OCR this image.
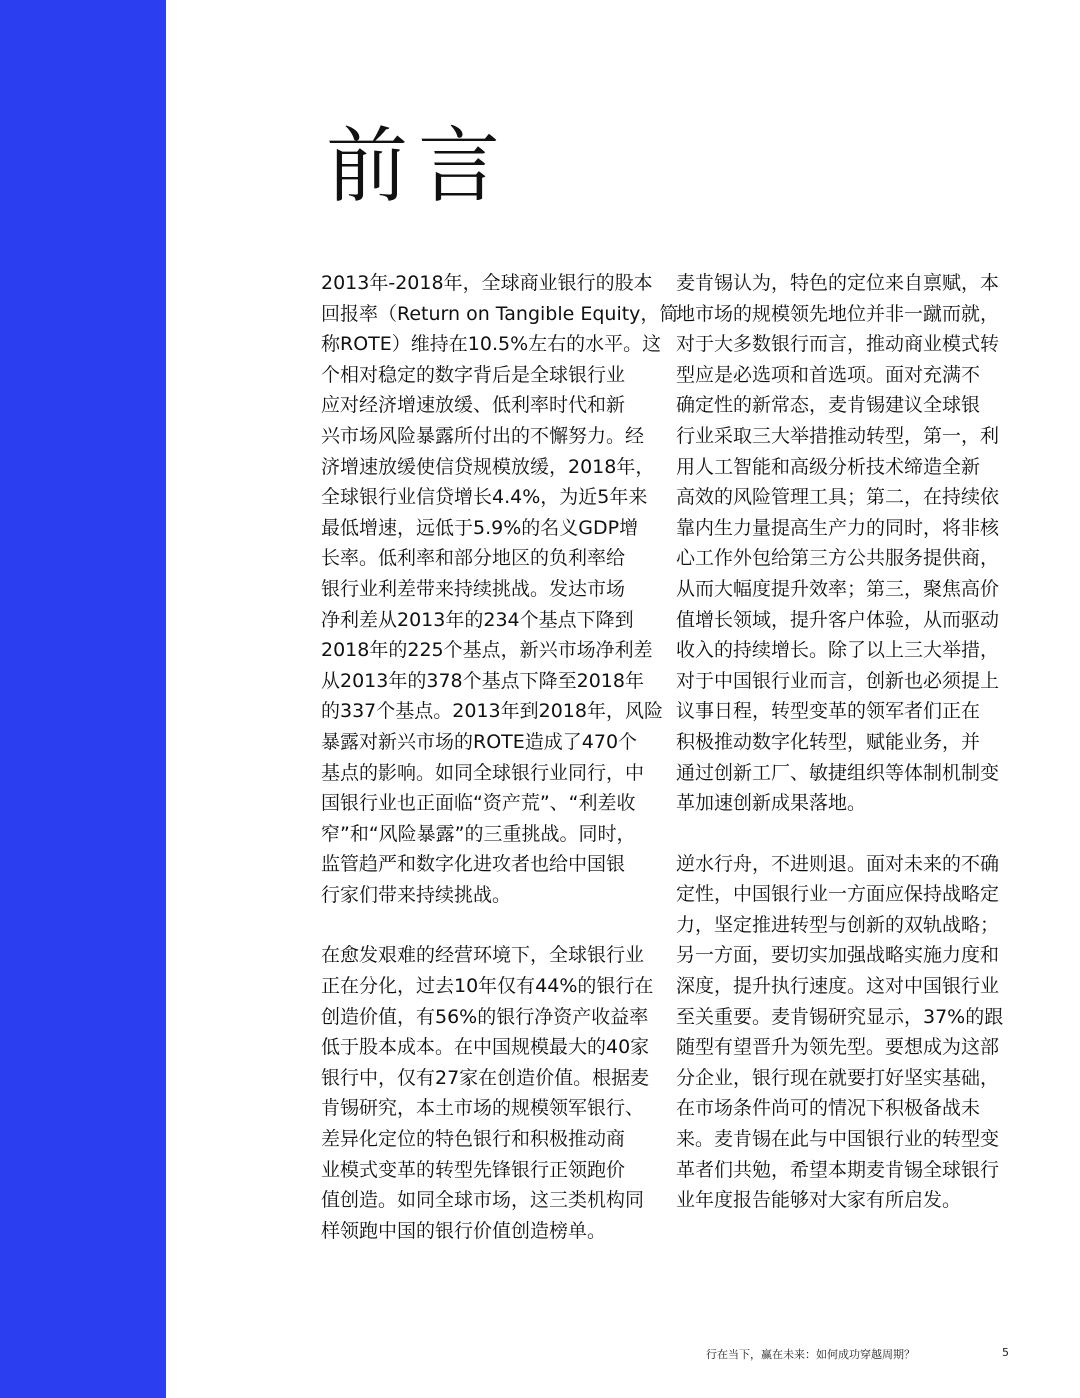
前言

2013年-2018年，全球商业银行的股本

回报率（Return on Tangible Equity，简

称ROTE）维持在10.5%左右的水平。这

个相对稳定的数字背后是全球银行业

应对经济增速放缓、低利率时代和新

兴市场风险暴露所付出的不懈努力。经

济增速放缓使信贷规模放缓，2018年，

全球银行业信贷增长4.4%，为近5年来

最低增速，远低于5.9%的名义GDP增

长率。低利率和部分地区的负利率给

银行业利差带来持续挑战。发达市场

净利差从2013年的234个基点下降到

2018年的225个基点，新兴市场净利差

从2013年的378个基点下降至2018年

的337个基点。2013年到2018年，风险

暴露对新兴市场的ROTE造成了470个

基点的影响。如同全球银行业同行，中

国银行业也正面临“资产荒”、“利差收

窄”和“风险暴露”的三重挑战。同时，

监管趋严和数字化进攻者也给中国银

行家们带来持续挑战。

在愈发艰难的经营环境下，全球银行业

正在分化，过去10年仅有44%的银行在

创造价值，有56%的银行净资产收益率

低于股本成本。在中国规模最大的40家

银行中，仅有27家在创造价值。根据麦

肯锡研究，本土市场的规模领军银行、

差异化定位的特色银行和积极推动商

业模式变革的转型先锋银行正领跑价

值创造。如同全球市场，这三类机构同

样领跑中国的银行价值创造榜单。

麦肯锡认为，特色的定位来自禀赋，本

地市场的规模领先地位并非一蹴而就，

对于大多数银行而言，推动商业模式转

型应是必选项和首选项。面对充满不

确定性的新常态，麦肯锡建议全球银

行业采取三大举措推动转型，第一，利

用人工智能和高级分析技术缔造全新

高效的风险管理工具；第二，在持续依

靠内生力量提高生产力的同时，将非核

心工作外包给第三方公共服务提供商，

从而大幅度提升效率；第三，聚焦高价

值增长领域，提升客户体验，从而驱动

收入的持续增长。除了以上三大举措，

对于中国银行业而言，创新也必须提上

议事日程，转型变革的领军者们正在

积极推动数字化转型，赋能业务，并

通过创新工厂、敏捷组织等体制机制变

革加速创新成果落地。

逆水行舟，不进则退。面对未来的不确

定性，中国银行业一方面应保持战略定

力，坚定推进转型与创新的双轨战略；

另一方面，要切实加强战略实施力度和

深度，提升执行速度。这对中国银行业

至关重要。麦肯锡研究显示，37%的跟

随型有望晋升为领先型。要想成为这部

分企业，银行现在就要打好坚实基础，

在市场条件尚可的情况下积极备战未

来。麦肯锡在此与中国银行业的转型变

革者们共勉，希望本期麦肯锡全球银行

业年度报告能够对大家有所启发。

行在当下，赢在未来：如何成功穿越周期？	5
